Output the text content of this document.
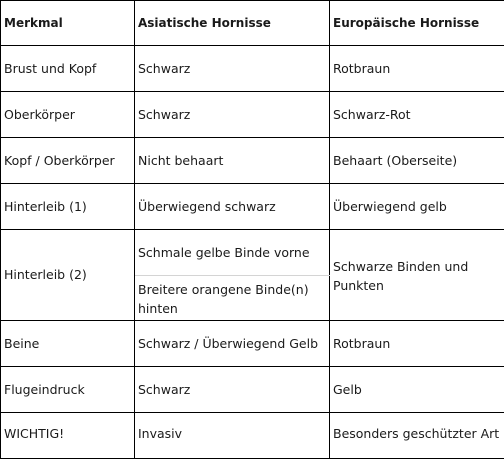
Merkmal	Asiatische Hornisse	Europäische Hornisse
Brust und Kopf	Schwarz	Rotbraun
Oberkörper	Schwarz	Schwarz-Rot
Kopf / Oberkörper	Nicht behaart	Behaart (Oberseite)
Hinterleib (1)	Überwiegend schwarz	Überwiegend gelb
Hinterleib (2)	Schmale gelbe Binde vorne	Schwarze Binden und Punkten
	Breitere orangene Binde(n) hinten	
Beine	Schwarz / Überwiegend Gelb	Rotbraun
Flugeindruck	Schwarz	Gelb
WICHTIG!	Invasiv	Besonders geschützter Art
